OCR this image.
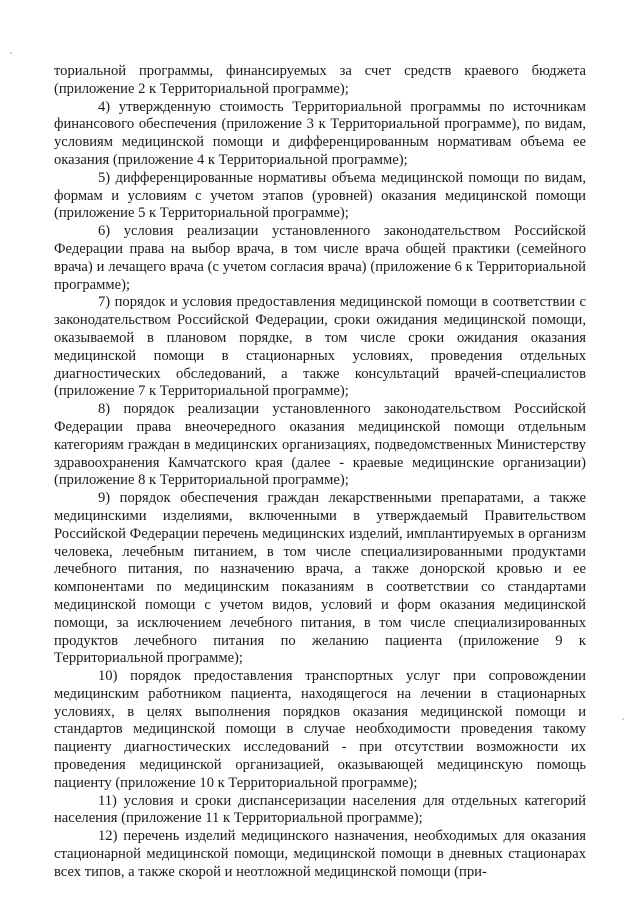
ториальной программы, финансируемых за счет средств краевого бюджета (приложение 2 к Территориальной программе);

4) утвержденную стоимость Территориальной программы по источникам финансового обеспечения (приложение 3 к Территориальной программе), по видам, условиям медицинской помощи и дифференцированным нормативам объема ее оказания (приложение 4 к Территориальной программе);

5) дифференцированные нормативы объема медицинской помощи по видам, формам и условиям с учетом этапов (уровней) оказания медицинской помощи (приложение 5 к Территориальной программе);

6) условия реализации установленного законодательством Российской Федерации права на выбор врача, в том числе врача общей практики (семейного врача) и лечащего врача (с учетом согласия врача) (приложение 6 к Территориальной программе);

7) порядок и условия предоставления медицинской помощи в соответствии с законодательством Российской Федерации, сроки ожидания медицинской помощи, оказываемой в плановом порядке, в том числе сроки ожидания оказания медицинской помощи в стационарных условиях, проведения отдельных диагностических обследований, а также консультаций врачей-специалистов (приложение 7 к Территориальной программе);

8) порядок реализации установленного законодательством Российской Федерации права внеочередного оказания медицинской помощи отдельным категориям граждан в медицинских организациях, подведомственных Министерству здравоохранения Камчатского края (далее - краевые медицинские организации) (приложение 8 к Территориальной программе);

9) порядок обеспечения граждан лекарственными препаратами, а также медицинскими изделиями, включенными в утверждаемый Правительством Российской Федерации перечень медицинских изделий, имплантируемых в организм человека, лечебным питанием, в том числе специализированными продуктами лечебного питания, по назначению врача, а также донорской кровью и ее компонентами по медицинским показаниям в соответствии со стандартами медицинской помощи с учетом видов, условий и форм оказания медицинской помощи, за исключением лечебного питания, в том числе специализированных продуктов лечебного питания по желанию пациента (приложение 9 к Территориальной программе);

10) порядок предоставления транспортных услуг при сопровождении медицинским работником пациента, находящегося на лечении в стационарных условиях, в целях выполнения порядков оказания медицинской помощи и стандартов медицинской помощи в случае необходимости проведения такому пациенту диагностических исследований - при отсутствии возможности их проведения медицинской организацией, оказывающей медицинскую помощь пациенту (приложение 10 к Территориальной программе);

11) условия и сроки диспансеризации населения для отдельных категорий населения (приложение 11 к Территориальной программе);

12) перечень изделий медицинского назначения, необходимых для оказания стационарной медицинской помощи, медицинской помощи в дневных стационарах всех типов, а также скорой и неотложной медицинской помощи (при-
